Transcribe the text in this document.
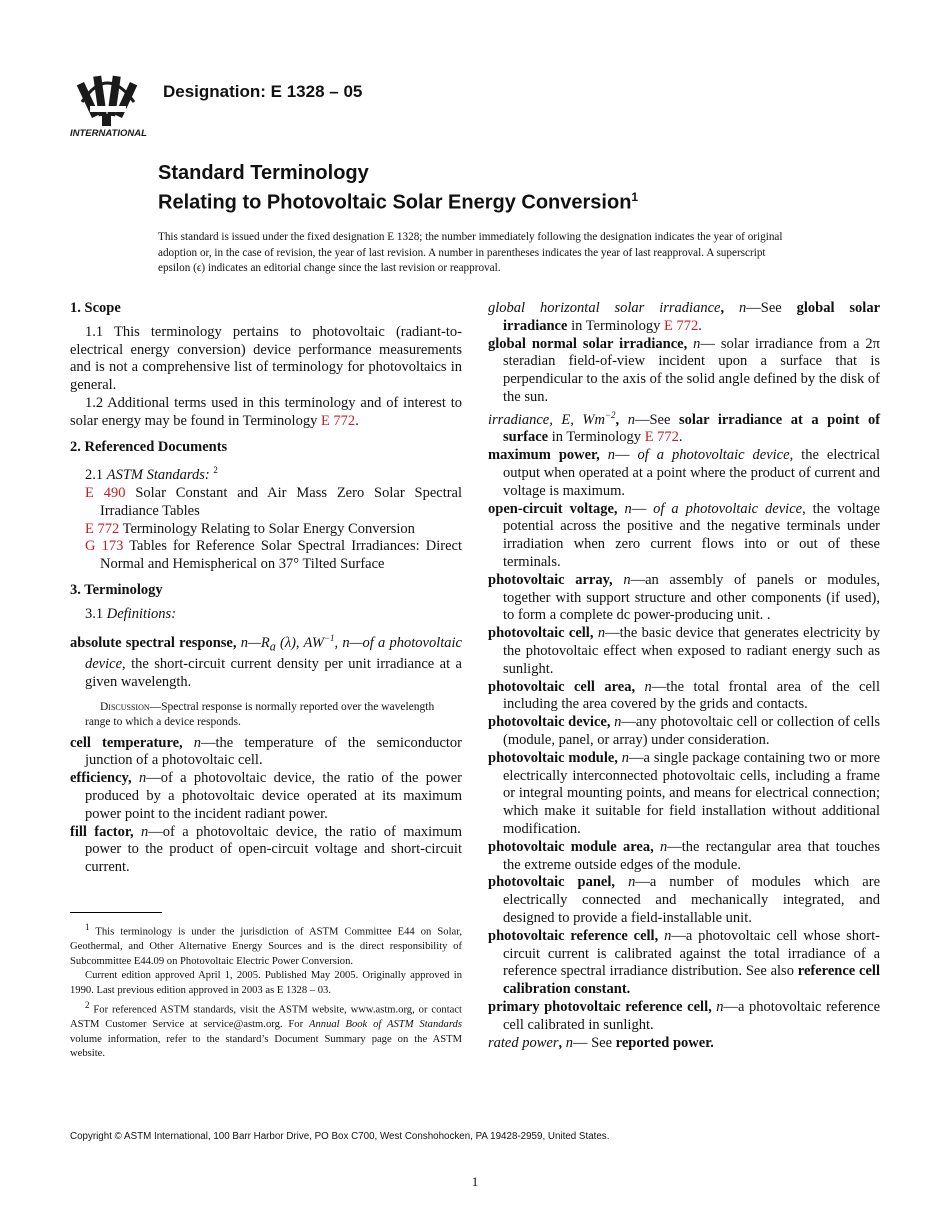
INTERNATIONAL
Designation: E 1328 – 05
Standard Terminology
Relating to Photovoltaic Solar Energy Conversion$^1$
This standard is issued under the fixed designation E 1328; the number immediately following the designation indicates the year of original adoption or, in the case of revision, the year of last revision. A number in parentheses indicates the year of last reapproval. A superscript epsilon (ϵ) indicates an editorial change since the last revision or reapproval.
1. Scope

1.1 This terminology pertains to photovoltaic (radiant-to-electrical energy conversion) device performance measurements and is not a comprehensive list of terminology for photovoltaics in general.

1.2 Additional terms used in this terminology and of interest to solar energy may be found in Terminology E 772.

2. Referenced Documents

2.1 ASTM Standards: $^2$

E 490 Solar Constant and Air Mass Zero Solar Spectral Irradiance Tables
E 772 Terminology Relating to Solar Energy Conversion
G 173 Tables for Reference Solar Spectral Irradiances: Direct Normal and Hemispherical on 37° Tilted Surface
3. Terminology

3.1 Definitions:

absolute spectral response, $n—R_a$ (λ), $AW^{-1}$, n—of a photovoltaic device, the short-circuit current density per unit irradiance at a given wavelength.
Discussion—Spectral response is normally reported over the wavelength range to which a device responds.
cell temperature, n—the temperature of the semiconductor junction of a photovoltaic cell.
efficiency, n—of a photovoltaic device, the ratio of the power produced by a photovoltaic device operated at its maximum power point to the incident radiant power.
fill factor, n—of a photovoltaic device, the ratio of maximum power to the product of open-circuit voltage and short-circuit current.
global horizontal solar irradiance, n—See global solar irradiance in Terminology E 772.
global normal solar irradiance, n— solar irradiance from a 2π steradian field-of-view incident upon a surface that is perpendicular to the axis of the solid angle defined by the disk of the sun.
irradiance, E, $Wm^{-2}$, n—See solar irradiance at a point of surface in Terminology E 772.
maximum power, n— of a photovoltaic device, the electrical output when operated at a point where the product of current and voltage is maximum.
open-circuit voltage, n— of a photovoltaic device, the voltage potential across the positive and the negative terminals under irradiation when zero current flows into or out of these terminals.
photovoltaic array, n—an assembly of panels or modules, together with support structure and other components (if used), to form a complete dc power-producing unit. .
photovoltaic cell, n—the basic device that generates electricity by the photovoltaic effect when exposed to radiant energy such as sunlight.
photovoltaic cell area, n—the total frontal area of the cell including the area covered by the grids and contacts.
photovoltaic device, n—any photovoltaic cell or collection of cells (module, panel, or array) under consideration.
photovoltaic module, n—a single package containing two or more electrically interconnected photovoltaic cells, including a frame or integral mounting points, and means for electrical connection; which make it suitable for field installation without additional modification.
photovoltaic module area, n—the rectangular area that touches the extreme outside edges of the module.
photovoltaic panel, n—a number of modules which are electrically connected and mechanically integrated, and designed to provide a field-installable unit.
photovoltaic reference cell, n—a photovoltaic cell whose short-circuit current is calibrated against the total irradiance of a reference spectral irradiance distribution. See also reference cell calibration constant.
primary photovoltaic reference cell, n—a photovoltaic reference cell calibrated in sunlight.
rated power, n— See reported power.

$^1$ This terminology is under the jurisdiction of ASTM Committee E44 on Solar, Geothermal, and Other Alternative Energy Sources and is the direct responsibility of Subcommittee E44.09 on Photovoltaic Electric Power Conversion.

Current edition approved April 1, 2005. Published May 2005. Originally approved in 1990. Last previous edition approved in 2003 as E 1328 – 03.

$^2$ For referenced ASTM standards, visit the ASTM website, www.astm.org, or contact ASTM Customer Service at service@astm.org. For Annual Book of ASTM Standards volume information, refer to the standard’s Document Summary page on the ASTM website.

Copyright © ASTM International, 100 Barr Harbor Drive, PO Box C700, West Conshohocken, PA 19428-2959, United States.
1
